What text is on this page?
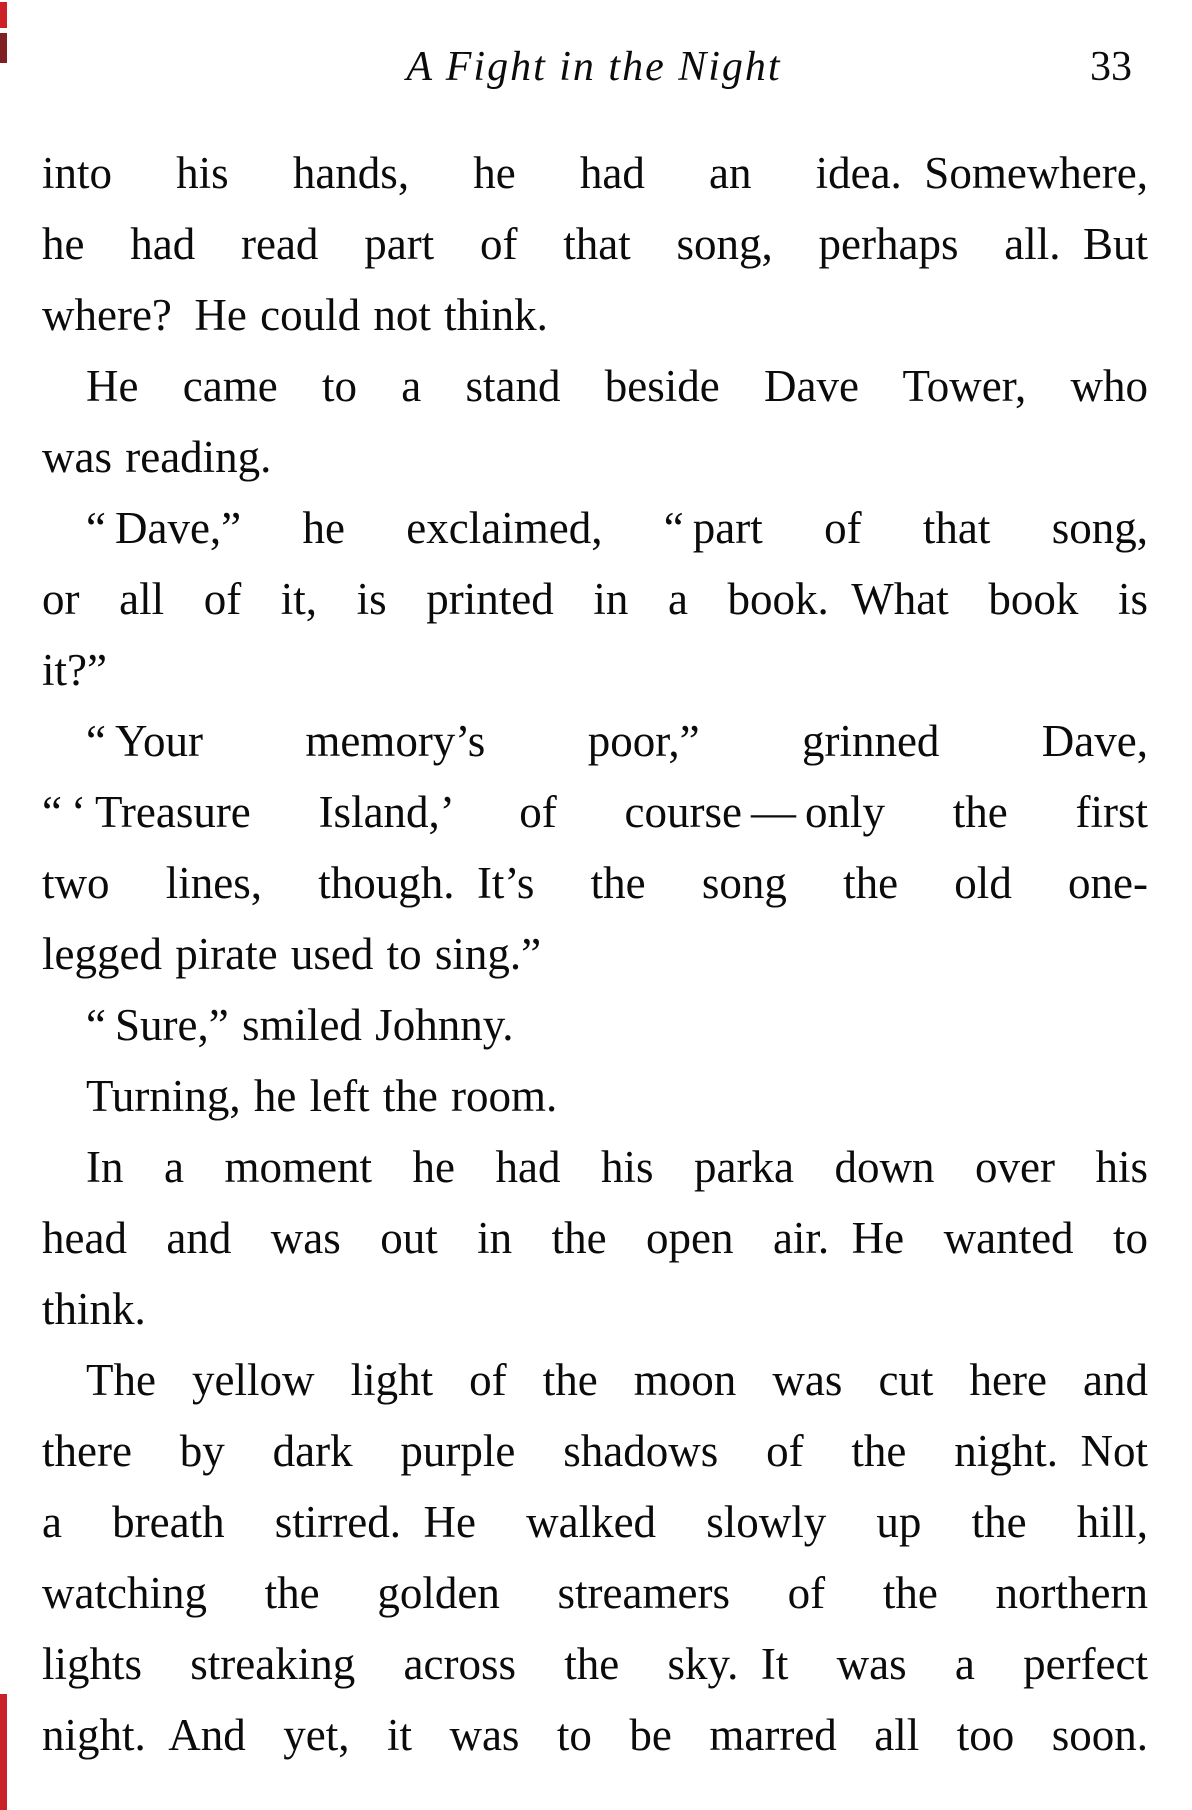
A Fight in the Night	33
into his hands, he had an idea. Somewhere,
he had read part of that song, perhaps all. But
where? He could not think.
He came to a stand beside Dave Tower, who
was reading.
“ Dave,” he exclaimed, “ part of that song,
or all of it, is printed in a book. What book is
it?”
“ Your memory’s poor,” grinned Dave,
“ ‘ Treasure Island,’ of course — only the first
two lines, though. It’s the song the old one-
legged pirate used to sing.”
“ Sure,” smiled Johnny.
Turning, he left the room.
In a moment he had his parka down over his
head and was out in the open air. He wanted to
think.
The yellow light of the moon was cut here and
there by dark purple shadows of the night. Not
a breath stirred. He walked slowly up the hill,
watching the golden streamers of the northern
lights streaking across the sky. It was a perfect
night. And yet, it was to be marred all too soon.
